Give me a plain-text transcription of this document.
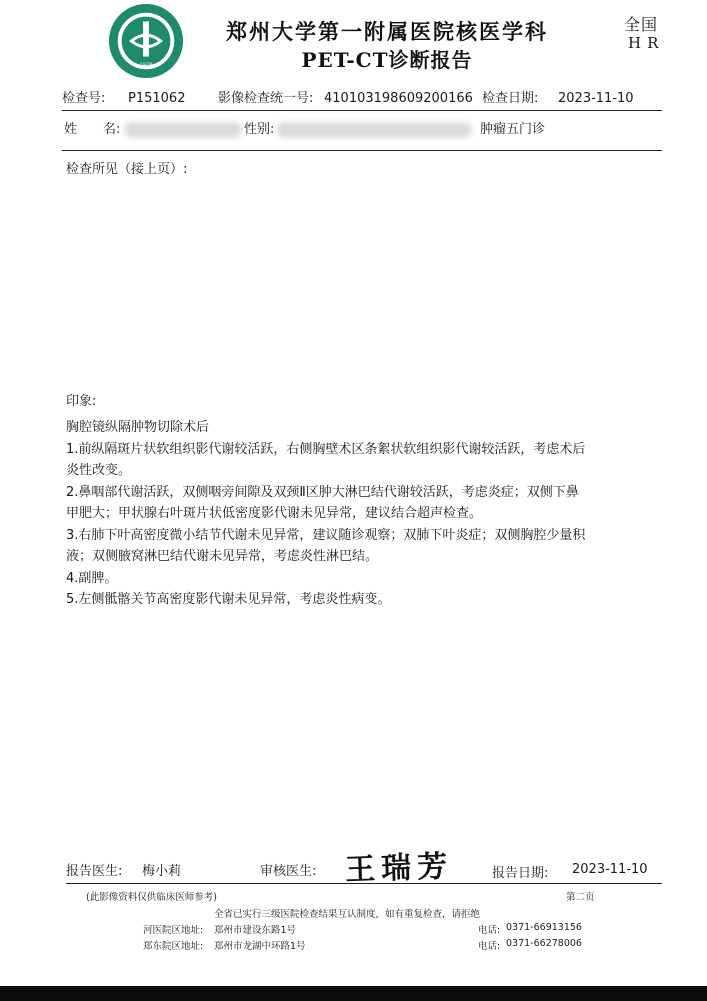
1928
郑州大学第一附属医院核医学科
PET-CT诊断报告
全国
HR
检查号: P151062	影像检查统一号: 410103198609200166 检查日期: 2023-11-10
姓　　名:	性别:	肿瘤五门诊
检查所见（接上页）:
印象:
胸腔镜纵隔肿物切除术后
1.前纵隔斑片状软组织影代谢较活跃，右侧胸壁术区条絮状软组织影代谢较活跃，考虑术后
炎性改变。
2.鼻咽部代谢活跃，双侧咽旁间隙及双颈Ⅱ区肿大淋巴结代谢较活跃，考虑炎症；双侧下鼻
甲肥大；甲状腺右叶斑片状低密度影代谢未见异常，建议结合超声检查。
3.右肺下叶高密度微小结节代谢未见异常，建议随诊观察；双肺下叶炎症；双侧胸腔少量积
液；双侧腋窝淋巴结代谢未见异常，考虑炎性淋巴结。
4.副脾。
5.左侧骶髂关节高密度影代谢未见异常，考虑炎性病变。
报告医生: 梅小莉	审核医生:	报告日期: 2023-11-10
王瑞芳
(此影像资料仅供临床医师参考)	第二页
全省已实行三级医院检查结果互认制度，如有重复检查，请拒绝
河医院区地址: 郑州市建设东路1号	电话: 0371-66913156
郑东院区地址: 郑州市龙湖中环路1号	电话: 0371-66278006
